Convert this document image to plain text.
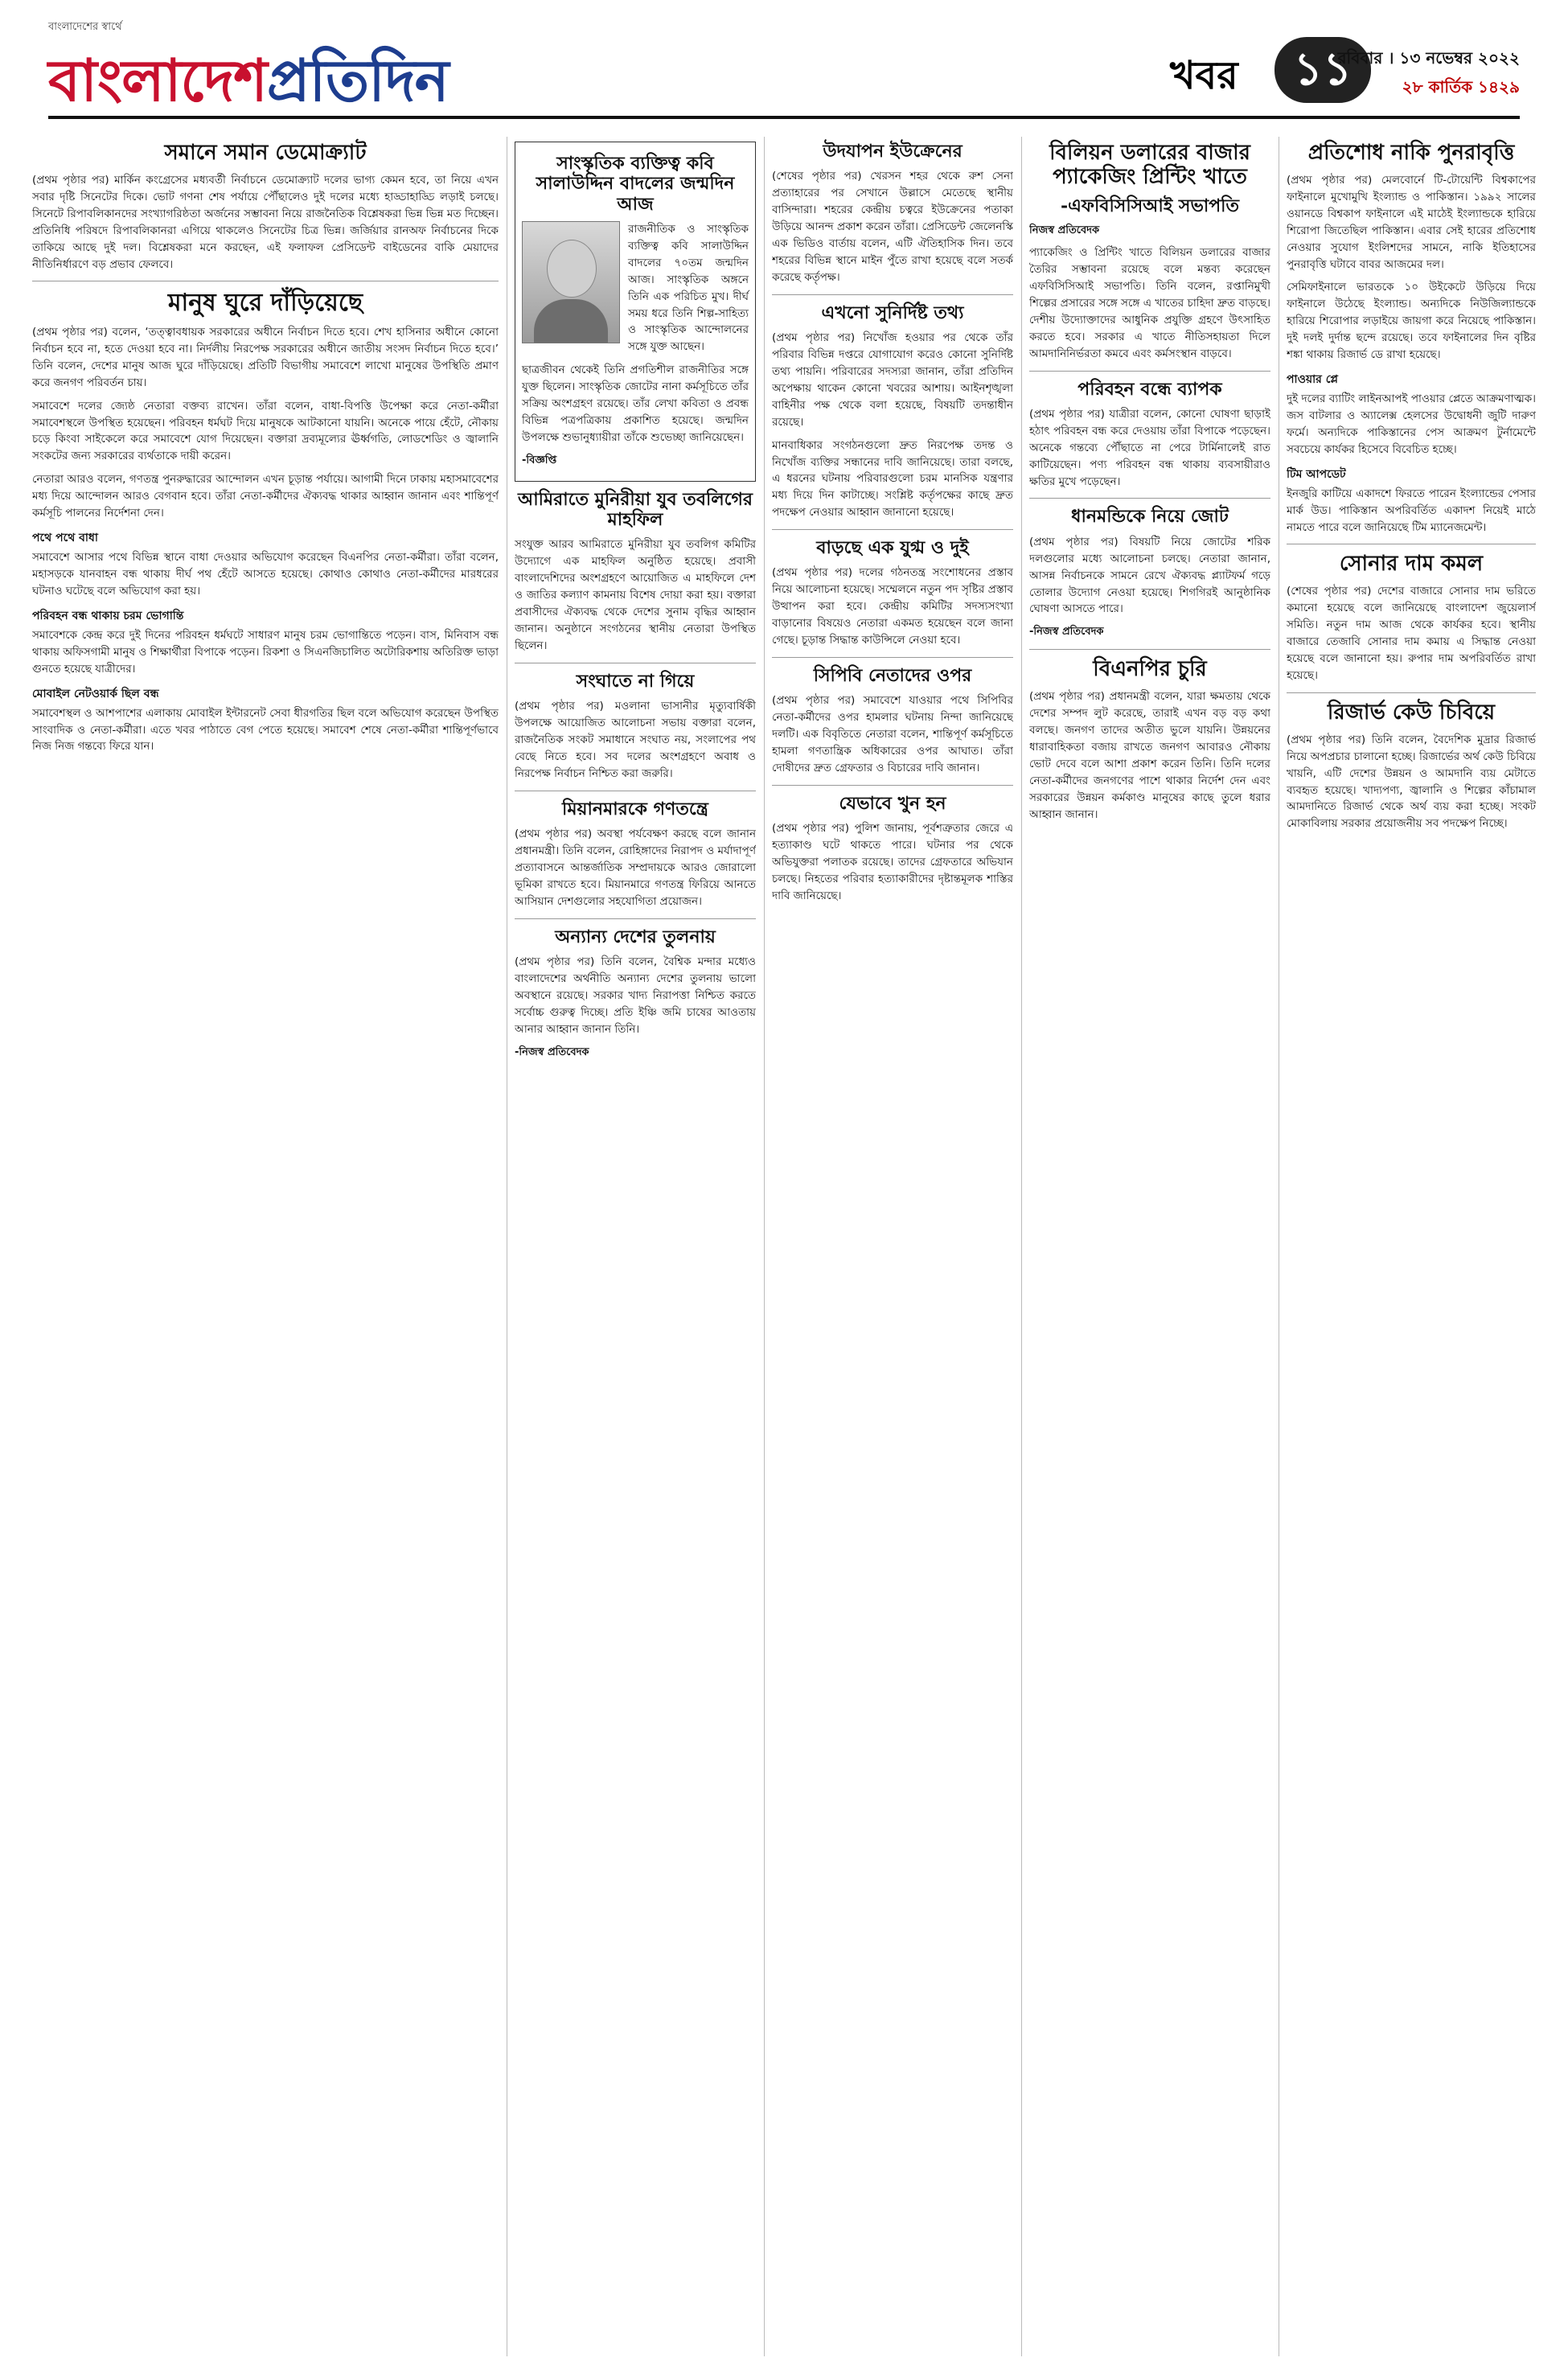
বাংলাদেশের স্বার্থে
বাংলাদেশপ্রতিদিন	খবর	১১
রবিবার । ১৩ নভেম্বর ২০২২
২৮ কার্তিক ১৪২৯
সমানে সমান ডেমোক্র্যাট

(প্রথম পৃষ্ঠার পর) মার্কিন কংগ্রেসের মধ্যবর্তী নির্বাচনে ডেমোক্র্যাট দলের ভাগ্য কেমন হবে, তা নিয়ে এখন সবার দৃষ্টি সিনেটের দিকে। ভোট গণনা শেষ পর্যায়ে পৌঁছালেও দুই দলের মধ্যে হাড্ডাহাড্ডি লড়াই চলছে। সিনেটে রিপাবলিকানদের সংখ্যাগরিষ্ঠতা অর্জনের সম্ভাবনা নিয়ে রাজনৈতিক বিশ্লেষকরা ভিন্ন ভিন্ন মত দিচ্ছেন। প্রতিনিধি পরিষদে রিপাবলিকানরা এগিয়ে থাকলেও সিনেটের চিত্র ভিন্ন। জর্জিয়ার রানঅফ নির্বাচনের দিকে তাকিয়ে আছে দুই দল। বিশ্লেষকরা মনে করছেন, এই ফলাফল প্রেসিডেন্ট বাইডেনের বাকি মেয়াদের নীতিনির্ধারণে বড় প্রভাব ফেলবে।

মানুষ ঘুরে দাঁড়িয়েছে

(প্রথম পৃষ্ঠার পর) বলেন, ‘তত্ত্বাবধায়ক সরকারের অধীনে নির্বাচন দিতে হবে। শেখ হাসিনার অধীনে কোনো নির্বাচন হবে না, হতে দেওয়া হবে না। নির্দলীয় নিরপেক্ষ সরকারের অধীনে জাতীয় সংসদ নির্বাচন দিতে হবে।’ তিনি বলেন, দেশের মানুষ আজ ঘুরে দাঁড়িয়েছে। প্রতিটি বিভাগীয় সমাবেশে লাখো মানুষের উপস্থিতি প্রমাণ করে জনগণ পরিবর্তন চায়।

সমাবেশে দলের জ্যেষ্ঠ নেতারা বক্তব্য রাখেন। তাঁরা বলেন, বাধা-বিপত্তি উপেক্ষা করে নেতা-কর্মীরা সমাবেশস্থলে উপস্থিত হয়েছেন। পরিবহন ধর্মঘট দিয়ে মানুষকে আটকানো যায়নি। অনেকে পায়ে হেঁটে, নৌকায় চড়ে কিংবা সাইকেলে করে সমাবেশে যোগ দিয়েছেন। বক্তারা দ্রব্যমূল্যের ঊর্ধ্বগতি, লোডশেডিং ও জ্বালানি সংকটের জন্য সরকারের ব্যর্থতাকে দায়ী করেন।

নেতারা আরও বলেন, গণতন্ত্র পুনরুদ্ধারের আন্দোলন এখন চূড়ান্ত পর্যায়ে। আগামী দিনে ঢাকায় মহাসমাবেশের মধ্য দিয়ে আন্দোলন আরও বেগবান হবে। তাঁরা নেতা-কর্মীদের ঐক্যবদ্ধ থাকার আহ্বান জানান এবং শান্তিপূর্ণ কর্মসূচি পালনের নির্দেশনা দেন।

পথে পথে বাধা

সমাবেশে আসার পথে বিভিন্ন স্থানে বাধা দেওয়ার অভিযোগ করেছেন বিএনপির নেতা-কর্মীরা। তাঁরা বলেন, মহাসড়কে যানবাহন বন্ধ থাকায় দীর্ঘ পথ হেঁটে আসতে হয়েছে। কোথাও কোথাও নেতা-কর্মীদের মারধরের ঘটনাও ঘটেছে বলে অভিযোগ করা হয়।

পরিবহন বন্ধ থাকায় চরম ভোগান্তি

সমাবেশকে কেন্দ্র করে দুই দিনের পরিবহন ধর্মঘটে সাধারণ মানুষ চরম ভোগান্তিতে পড়েন। বাস, মিনিবাস বন্ধ থাকায় অফিসগামী মানুষ ও শিক্ষার্থীরা বিপাকে পড়েন। রিকশা ও সিএনজিচালিত অটোরিকশায় অতিরিক্ত ভাড়া গুনতে হয়েছে যাত্রীদের।

মোবাইল নেটওয়ার্ক ছিল বন্ধ

সমাবেশস্থল ও আশপাশের এলাকায় মোবাইল ইন্টারনেট সেবা ধীরগতির ছিল বলে অভিযোগ করেছেন উপস্থিত সাংবাদিক ও নেতা-কর্মীরা। এতে খবর পাঠাতে বেগ পেতে হয়েছে। সমাবেশ শেষে নেতা-কর্মীরা শান্তিপূর্ণভাবে নিজ নিজ গন্তব্যে ফিরে যান।

সাংস্কৃতিক ব্যক্তিত্ব কবি সালাউদ্দিন বাদলের জন্মদিন আজ

রাজনীতিক ও সাংস্কৃতিক ব্যক্তিত্ব কবি সালাউদ্দিন বাদলের ৭০তম জন্মদিন আজ। সাংস্কৃতিক অঙ্গনে তিনি এক পরিচিত মুখ। দীর্ঘ সময় ধরে তিনি শিল্প-সাহিত্য ও সাংস্কৃতিক আন্দোলনের সঙ্গে যুক্ত আছেন।

ছাত্রজীবন থেকেই তিনি প্রগতিশীল রাজনীতির সঙ্গে যুক্ত ছিলেন। সাংস্কৃতিক জোটের নানা কর্মসূচিতে তাঁর সক্রিয় অংশগ্রহণ রয়েছে। তাঁর লেখা কবিতা ও প্রবন্ধ বিভিন্ন পত্রপত্রিকায় প্রকাশিত হয়েছে। জন্মদিন উপলক্ষে শুভানুধ্যায়ীরা তাঁকে শুভেচ্ছা জানিয়েছেন।

-বিজ্ঞপ্তি
আমিরাতে মুনিরীয়া যুব তবলিগের মাহফিল

সংযুক্ত আরব আমিরাতে মুনিরীয়া যুব তবলিগ কমিটির উদ্যোগে এক মাহফিল অনুষ্ঠিত হয়েছে। প্রবাসী বাংলাদেশিদের অংশগ্রহণে আয়োজিত এ মাহফিলে দেশ ও জাতির কল্যাণ কামনায় বিশেষ দোয়া করা হয়। বক্তারা প্রবাসীদের ঐক্যবদ্ধ থেকে দেশের সুনাম বৃদ্ধির আহ্বান জানান। অনুষ্ঠানে সংগঠনের স্থানীয় নেতারা উপস্থিত ছিলেন।

সংঘাতে না গিয়ে

(প্রথম পৃষ্ঠার পর) মওলানা ভাসানীর মৃত্যুবার্ষিকী উপলক্ষে আয়োজিত আলোচনা সভায় বক্তারা বলেন, রাজনৈতিক সংকট সমাধানে সংঘাত নয়, সংলাপের পথ বেছে নিতে হবে। সব দলের অংশগ্রহণে অবাধ ও নিরপেক্ষ নির্বাচন নিশ্চিত করা জরুরি।

মিয়ানমারকে গণতন্ত্রে

(প্রথম পৃষ্ঠার পর) অবস্থা পর্যবেক্ষণ করছে বলে জানান প্রধানমন্ত্রী। তিনি বলেন, রোহিঙ্গাদের নিরাপদ ও মর্যাদাপূর্ণ প্রত্যাবাসনে আন্তর্জাতিক সম্প্রদায়কে আরও জোরালো ভূমিকা রাখতে হবে। মিয়ানমারে গণতন্ত্র ফিরিয়ে আনতে আসিয়ান দেশগুলোর সহযোগিতা প্রয়োজন।

অন্যান্য দেশের তুলনায়

(প্রথম পৃষ্ঠার পর) তিনি বলেন, বৈশ্বিক মন্দার মধ্যেও বাংলাদেশের অর্থনীতি অন্যান্য দেশের তুলনায় ভালো অবস্থানে রয়েছে। সরকার খাদ্য নিরাপত্তা নিশ্চিত করতে সর্বোচ্চ গুরুত্ব দিচ্ছে। প্রতি ইঞ্চি জমি চাষের আওতায় আনার আহ্বান জানান তিনি।

-নিজস্ব প্রতিবেদক
উদযাপন ইউক্রেনের

(শেষের পৃষ্ঠার পর) খেরসন শহর থেকে রুশ সেনা প্রত্যাহারের পর সেখানে উল্লাসে মেতেছে স্থানীয় বাসিন্দারা। শহরের কেন্দ্রীয় চত্বরে ইউক্রেনের পতাকা উড়িয়ে আনন্দ প্রকাশ করেন তাঁরা। প্রেসিডেন্ট জেলেনস্কি এক ভিডিও বার্তায় বলেন, এটি ঐতিহাসিক দিন। তবে শহরের বিভিন্ন স্থানে মাইন পুঁতে রাখা হয়েছে বলে সতর্ক করেছে কর্তৃপক্ষ।

এখনো সুনির্দিষ্ট তথ্য

(প্রথম পৃষ্ঠার পর) নিখোঁজ হওয়ার পর থেকে তাঁর পরিবার বিভিন্ন দপ্তরে যোগাযোগ করেও কোনো সুনির্দিষ্ট তথ্য পায়নি। পরিবারের সদস্যরা জানান, তাঁরা প্রতিদিন অপেক্ষায় থাকেন কোনো খবরের আশায়। আইনশৃঙ্খলা বাহিনীর পক্ষ থেকে বলা হয়েছে, বিষয়টি তদন্তাধীন রয়েছে।

মানবাধিকার সংগঠনগুলো দ্রুত নিরপেক্ষ তদন্ত ও নিখোঁজ ব্যক্তির সন্ধানের দাবি জানিয়েছে। তারা বলছে, এ ধরনের ঘটনায় পরিবারগুলো চরম মানসিক যন্ত্রণার মধ্য দিয়ে দিন কাটাচ্ছে। সংশ্লিষ্ট কর্তৃপক্ষের কাছে দ্রুত পদক্ষেপ নেওয়ার আহ্বান জানানো হয়েছে।

বাড়ছে এক যুগ্ম ও দুই

(প্রথম পৃষ্ঠার পর) দলের গঠনতন্ত্র সংশোধনের প্রস্তাব নিয়ে আলোচনা হয়েছে। সম্মেলনে নতুন পদ সৃষ্টির প্রস্তাব উত্থাপন করা হবে। কেন্দ্রীয় কমিটির সদস্যসংখ্যা বাড়ানোর বিষয়েও নেতারা একমত হয়েছেন বলে জানা গেছে। চূড়ান্ত সিদ্ধান্ত কাউন্সিলে নেওয়া হবে।

সিপিবি নেতাদের ওপর

(প্রথম পৃষ্ঠার পর) সমাবেশে যাওয়ার পথে সিপিবির নেতা-কর্মীদের ওপর হামলার ঘটনায় নিন্দা জানিয়েছে দলটি। এক বিবৃতিতে নেতারা বলেন, শান্তিপূর্ণ কর্মসূচিতে হামলা গণতান্ত্রিক অধিকারের ওপর আঘাত। তাঁরা দোষীদের দ্রুত গ্রেফতার ও বিচারের দাবি জানান।

যেভাবে খুন হন

(প্রথম পৃষ্ঠার পর) পুলিশ জানায়, পূর্বশত্রুতার জেরে এ হত্যাকাণ্ড ঘটে থাকতে পারে। ঘটনার পর থেকে অভিযুক্তরা পলাতক রয়েছে। তাদের গ্রেফতারে অভিযান চলছে। নিহতের পরিবার হত্যাকারীদের দৃষ্টান্তমূলক শাস্তির দাবি জানিয়েছে।

বিলিয়ন ডলারের বাজার প্যাকেজিং প্রিন্টিং খাতে
-এফবিসিসিআই সভাপতি
নিজস্ব প্রতিবেদক

প্যাকেজিং ও প্রিন্টিং খাতে বিলিয়ন ডলারের বাজার তৈরির সম্ভাবনা রয়েছে বলে মন্তব্য করেছেন এফবিসিসিআই সভাপতি। তিনি বলেন, রপ্তানিমুখী শিল্পের প্রসারের সঙ্গে সঙ্গে এ খাতের চাহিদা দ্রুত বাড়ছে। দেশীয় উদ্যোক্তাদের আধুনিক প্রযুক্তি গ্রহণে উৎসাহিত করতে হবে। সরকার এ খাতে নীতিসহায়তা দিলে আমদানিনির্ভরতা কমবে এবং কর্মসংস্থান বাড়বে।

পরিবহন বন্ধে ব্যাপক

(প্রথম পৃষ্ঠার পর) যাত্রীরা বলেন, কোনো ঘোষণা ছাড়াই হঠাৎ পরিবহন বন্ধ করে দেওয়ায় তাঁরা বিপাকে পড়েছেন। অনেকে গন্তব্যে পৌঁছাতে না পেরে টার্মিনালেই রাত কাটিয়েছেন। পণ্য পরিবহন বন্ধ থাকায় ব্যবসায়ীরাও ক্ষতির মুখে পড়েছেন।

ধানমন্ডিকে নিয়ে জোট

(প্রথম পৃষ্ঠার পর) বিষয়টি নিয়ে জোটের শরিক দলগুলোর মধ্যে আলোচনা চলছে। নেতারা জানান, আসন্ন নির্বাচনকে সামনে রেখে ঐক্যবদ্ধ প্ল্যাটফর্ম গড়ে তোলার উদ্যোগ নেওয়া হয়েছে। শিগগিরই আনুষ্ঠানিক ঘোষণা আসতে পারে।

-নিজস্ব প্রতিবেদক
বিএনপির চুরি

(প্রথম পৃষ্ঠার পর) প্রধানমন্ত্রী বলেন, যারা ক্ষমতায় থেকে দেশের সম্পদ লুট করেছে, তারাই এখন বড় বড় কথা বলছে। জনগণ তাদের অতীত ভুলে যায়নি। উন্নয়নের ধারাবাহিকতা বজায় রাখতে জনগণ আবারও নৌকায় ভোট দেবে বলে আশা প্রকাশ করেন তিনি। তিনি দলের নেতা-কর্মীদের জনগণের পাশে থাকার নির্দেশ দেন এবং সরকারের উন্নয়ন কর্মকাণ্ড মানুষের কাছে তুলে ধরার আহ্বান জানান।

প্রতিশোধ নাকি পুনরাবৃত্তি

(প্রথম পৃষ্ঠার পর) মেলবোর্নে টি-টোয়েন্টি বিশ্বকাপের ফাইনালে মুখোমুখি ইংল্যান্ড ও পাকিস্তান। ১৯৯২ সালের ওয়ানডে বিশ্বকাপ ফাইনালে এই মাঠেই ইংল্যান্ডকে হারিয়ে শিরোপা জিতেছিল পাকিস্তান। এবার সেই হারের প্রতিশোধ নেওয়ার সুযোগ ইংলিশদের সামনে, নাকি ইতিহাসের পুনরাবৃত্তি ঘটাবে বাবর আজমের দল।

সেমিফাইনালে ভারতকে ১০ উইকেটে উড়িয়ে দিয়ে ফাইনালে উঠেছে ইংল্যান্ড। অন্যদিকে নিউজিল্যান্ডকে হারিয়ে শিরোপার লড়াইয়ে জায়গা করে নিয়েছে পাকিস্তান। দুই দলই দুর্দান্ত ছন্দে রয়েছে। তবে ফাইনালের দিন বৃষ্টির শঙ্কা থাকায় রিজার্ভ ডে রাখা হয়েছে।

পাওয়ার প্লে

দুই দলের ব্যাটিং লাইনআপই পাওয়ার প্লেতে আক্রমণাত্মক। জস বাটলার ও অ্যালেক্স হেলসের উদ্বোধনী জুটি দারুণ ফর্মে। অন্যদিকে পাকিস্তানের পেস আক্রমণ টুর্নামেন্টে সবচেয়ে কার্যকর হিসেবে বিবেচিত হচ্ছে।

টিম আপডেট

ইনজুরি কাটিয়ে একাদশে ফিরতে পারেন ইংল্যান্ডের পেসার মার্ক উড। পাকিস্তান অপরিবর্তিত একাদশ নিয়েই মাঠে নামতে পারে বলে জানিয়েছে টিম ম্যানেজমেন্ট।

সোনার দাম কমল

(শেষের পৃষ্ঠার পর) দেশের বাজারে সোনার দাম ভরিতে কমানো হয়েছে বলে জানিয়েছে বাংলাদেশ জুয়েলার্স সমিতি। নতুন দাম আজ থেকে কার্যকর হবে। স্থানীয় বাজারে তেজাবি সোনার দাম কমায় এ সিদ্ধান্ত নেওয়া হয়েছে বলে জানানো হয়। রুপার দাম অপরিবর্তিত রাখা হয়েছে।

রিজার্ভ কেউ চিবিয়ে

(প্রথম পৃষ্ঠার পর) তিনি বলেন, বৈদেশিক মুদ্রার রিজার্ভ নিয়ে অপপ্রচার চালানো হচ্ছে। রিজার্ভের অর্থ কেউ চিবিয়ে খায়নি, এটি দেশের উন্নয়ন ও আমদানি ব্যয় মেটাতে ব্যবহৃত হয়েছে। খাদ্যপণ্য, জ্বালানি ও শিল্পের কাঁচামাল আমদানিতে রিজার্ভ থেকে অর্থ ব্যয় করা হচ্ছে। সংকট মোকাবিলায় সরকার প্রয়োজনীয় সব পদক্ষেপ নিচ্ছে।
